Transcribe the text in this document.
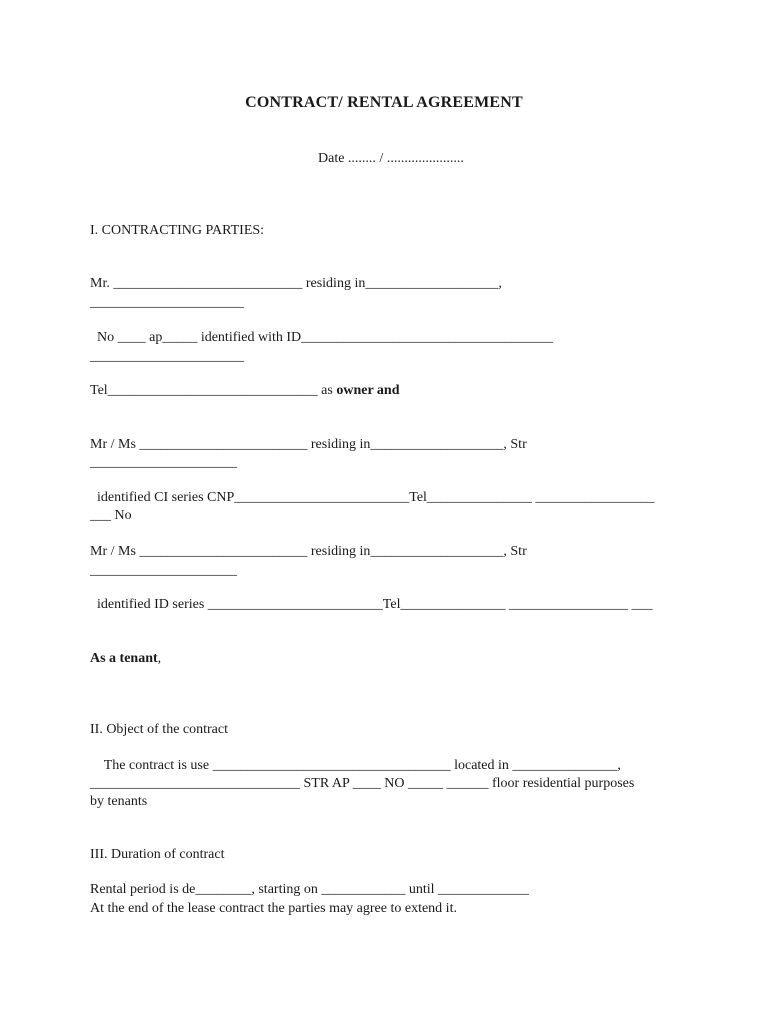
CONTRACT/ RENTAL AGREEMENT
Date ........ / ......................
I. CONTRACTING PARTIES:
Mr. ___________________________ residing in___________________,
______________________
No ____ ap_____ identified with ID____________________________________
______________________
Tel______________________________ as owner and
Mr / Ms ________________________ residing in___________________, Str
_____________________
identified CI series CNP_________________________Tel_______________ _________________
___ No
Mr / Ms ________________________ residing in___________________, Str
_____________________
identified ID series _________________________Tel_______________ _________________ ___
As a tenant,
II. Object of the contract
The contract is use __________________________________ located in _______________,
______________________________ STR AP ____ NO _____ ______ floor residential purposes
by tenants
III. Duration of contract
Rental period is de________, starting on ____________ until _____________
At the end of the lease contract the parties may agree to extend it.
